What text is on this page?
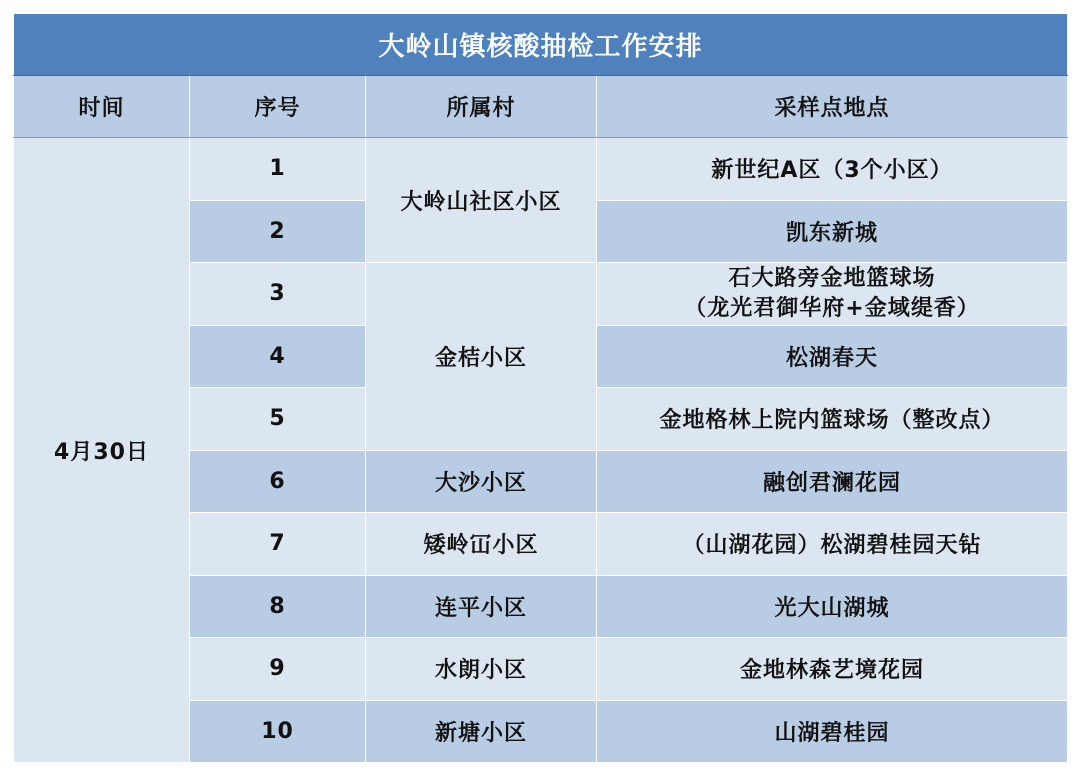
大岭山镇核酸抽检工作安排			
时间	序号	所属村	采样点地点
4月30日	1	大岭山社区小区	新世纪A区（3个小区）
	2		凯东新城
	3	金桔小区	石大路旁金地篮球场
（龙光君御华府+金域缇香）

	4		松湖春天
	5		金地格林上院内篮球场（整改点）
	6	大沙小区	融创君澜花园
	7	矮岭冚小区	（山湖花园）松湖碧桂园天钻
	8	连平小区	光大山湖城
	9	水朗小区	金地林森艺境花园
	10	新塘小区	山湖碧桂园
